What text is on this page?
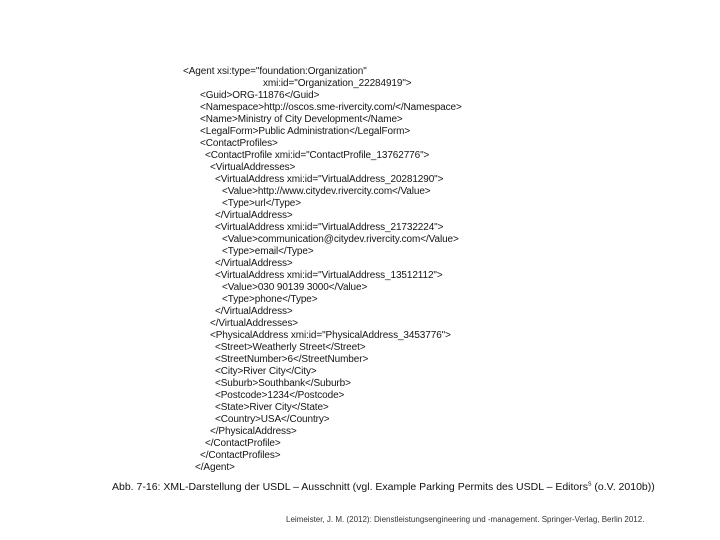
<Agent xsi:type="foundation:Organization"
xmi:id="Organization_22284919">
<Guid>ORG-11876</Guid>
<Namespace>http://oscos.sme-rivercity.com/</Namespace>
<Name>Ministry of City Development</Name>
<LegalForm>Public Administration</LegalForm>
<ContactProfiles>
<ContactProfile xmi:id="ContactProfile_13762776">
<VirtualAddresses>
<VirtualAddress xmi:id="VirtualAddress_20281290">
<Value>http://www.citydev.rivercity.com</Value>
<Type>url</Type>
</VirtualAddress>
<VirtualAddress xmi:id="VirtualAddress_21732224">
<Value>communication@citydev.rivercity.com</Value>
<Type>email</Type>
</VirtualAddress>
<VirtualAddress xmi:id="VirtualAddress_13512112">
<Value>030 90139 3000</Value>
<Type>phone</Type>
</VirtualAddress>
</VirtualAddresses>
<PhysicalAddress xmi:id="PhysicalAddress_3453776">
<Street>Weatherly Street</Street>
<StreetNumber>6</StreetNumber>
<City>River City</City>
<Suburb>Southbank</Suburb>
<Postcode>1234</Postcode>
<State>River City</State>
<Country>USA</Country>
</PhysicalAddress>
</ContactProfile>
</ContactProfiles>
</Agent>
Abb. 7-16: XML-Darstellung der USDL – Ausschnitt (vgl. Example Parking Permits des USDL – Editors$^s$ (o.V. 2010b))
Leimeister, J. M. (2012): Dienstleistungsengineering und -management. Springer-Verlag, Berlin 2012.
